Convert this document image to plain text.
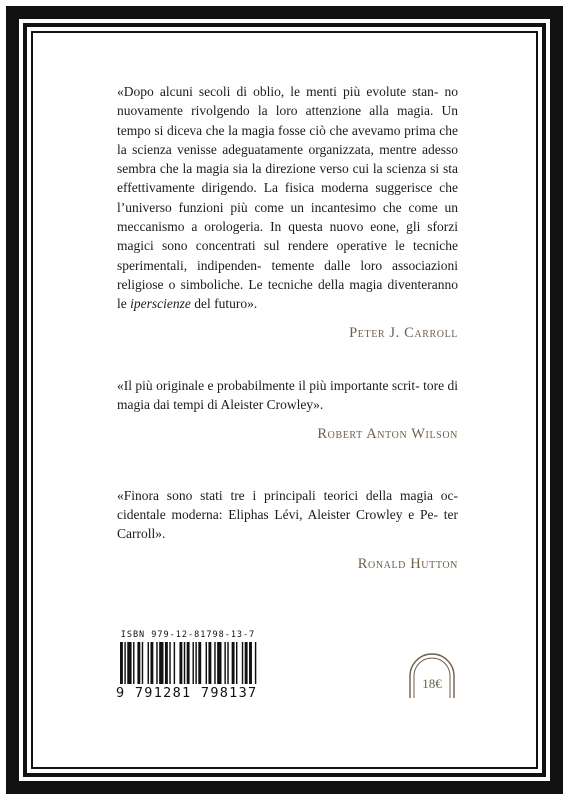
«Dopo alcuni secoli di oblio, le menti più evolute stan- no nuovamente rivolgendo la loro attenzione alla magia. Un tempo si diceva che la magia fosse ciò che avevamo prima che la scienza venisse adeguatamente organizzata, mentre adesso sembra che la magia sia la direzione verso cui la scienza si sta effettivamente dirigendo. La fisica moderna suggerisce che l’universo funzioni più come un incantesimo che come un meccanismo a orologeria. In questa nuovo eone, gli sforzi magici sono concentrati sul rendere operative le tecniche sperimentali, indipenden- temente dalle loro associazioni religiose o simboliche. Le tecniche della magia diventeranno le iperscienze del futuro».

Peter J. Carroll

«Il più originale e probabilmente il più importante scrit- tore di magia dai tempi di Aleister Crowley».

Robert Anton Wilson

«Finora sono stati tre i principali teorici della magia oc- cidentale moderna: Eliphas Lévi, Aleister Crowley e Pe- ter Carroll».

Ronald Hutton

ISBN 979-12-81798-13-7
9 791281 798137
18€
